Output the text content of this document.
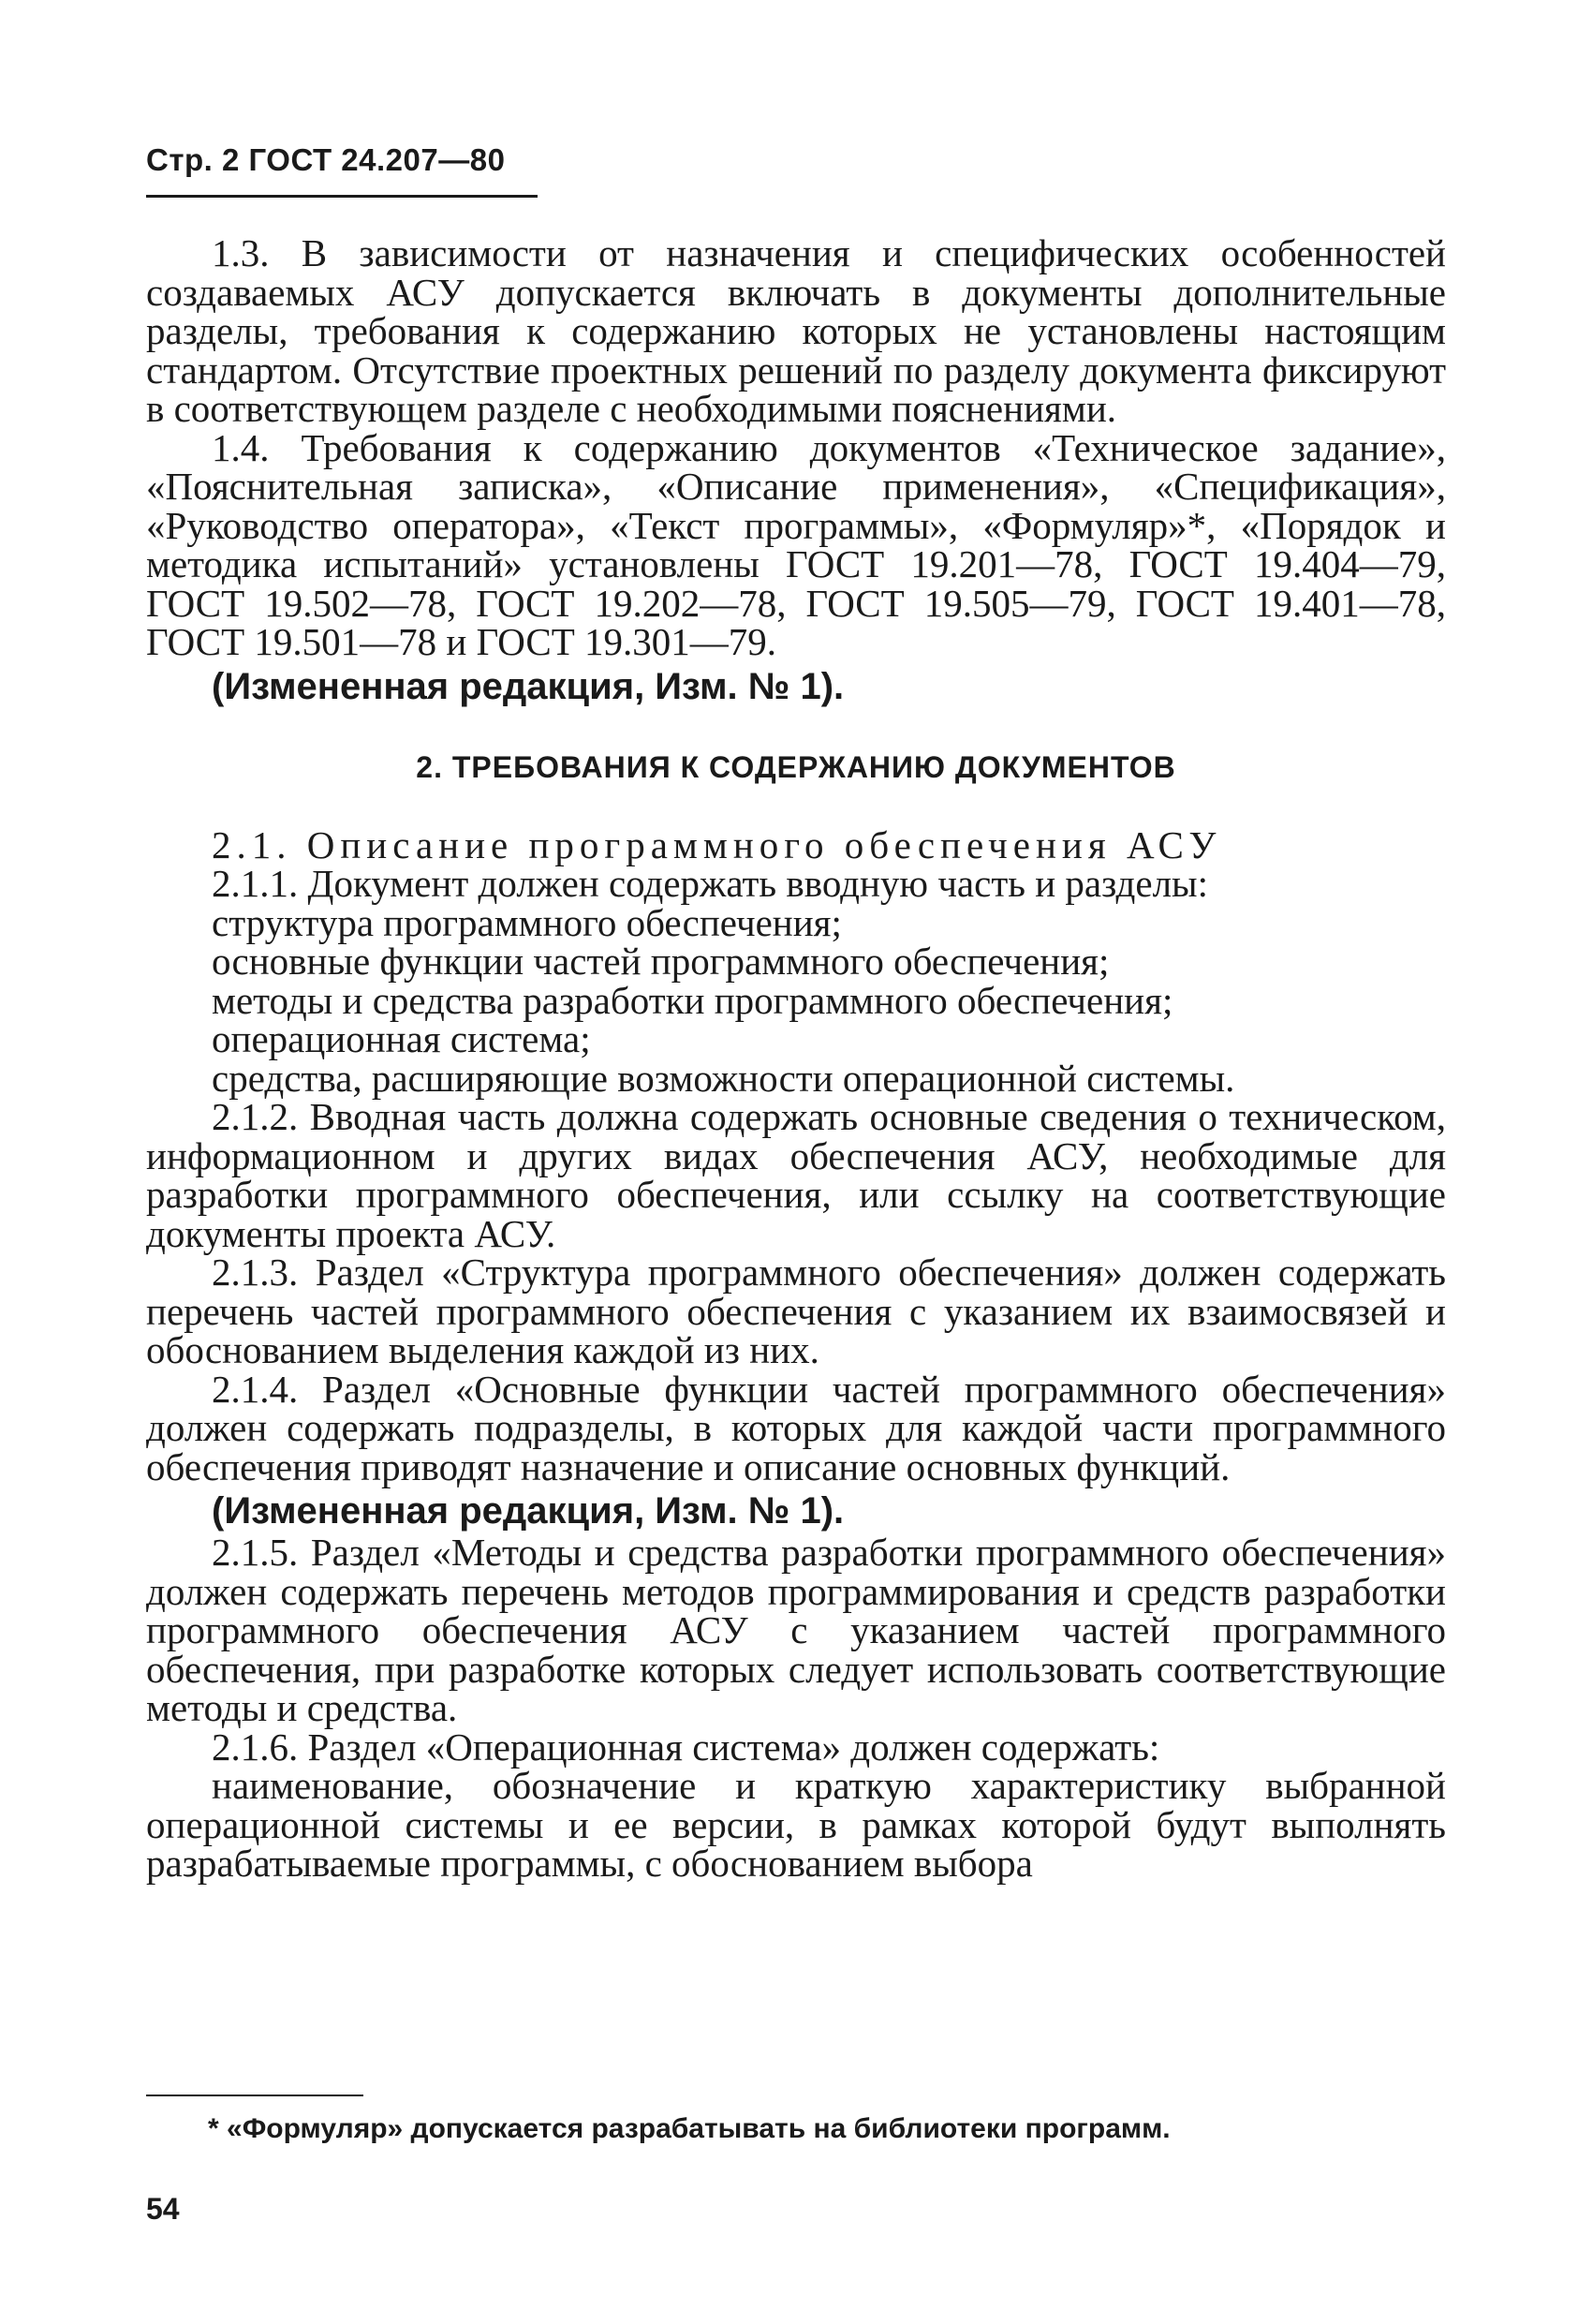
Стр. 2 ГОСТ 24.207—80

1.3. В зависимости от назначения и специфических особенностей создаваемых АСУ допускается включать в документы дополнительные разделы, требования к содержанию которых не установлены настоящим стандартом. Отсутствие проектных решений по разделу документа фиксируют в соответствующем разделе с необходимыми пояснениями.

1.4. Требования к содержанию документов «Техническое задание», «Пояснительная записка», «Описание применения», «Спецификация», «Руководство оператора», «Текст программы», «Формуляр»*, «Порядок и методика испытаний» установлены ГОСТ 19.201—78, ГОСТ 19.404—79, ГОСТ 19.502—78, ГОСТ 19.202—78, ГОСТ 19.505—79, ГОСТ 19.401—78, ГОСТ 19.501—78 и ГОСТ 19.301—79.

(Измененная редакция, Изм. № 1).

2. ТРЕБОВАНИЯ К СОДЕРЖАНИЮ ДОКУМЕНТОВ

2.1. Описание программного обеспечения АСУ

2.1.1. Документ должен содержать вводную часть и разделы:

структура программного обеспечения;

основные функции частей программного обеспечения;

методы и средства разработки программного обеспечения;

операционная система;

средства, расширяющие возможности операционной системы.

2.1.2. Вводная часть должна содержать основные сведения о техническом, информационном и других видах обеспечения АСУ, необходимые для разработки программного обеспечения, или ссылку на соответствующие документы проекта АСУ.

2.1.3. Раздел «Структура программного обеспечения» должен содержать перечень частей программного обеспечения с указанием их взаимосвязей и обоснованием выделения каждой из них.

2.1.4. Раздел «Основные функции частей программного обеспечения» должен содержать подразделы, в которых для каждой части программного обеспечения приводят назначение и описание основных функций.

(Измененная редакция, Изм. № 1).

2.1.5. Раздел «Методы и средства разработки программного обеспечения» должен содержать перечень методов программирования и средств разработки программного обеспечения АСУ с указанием частей программного обеспечения, при разработке которых следует использовать соответствующие методы и средства.

2.1.6. Раздел «Операционная система» должен содержать:

наименование, обозначение и краткую характеристику выбранной операционной системы и ее версии, в рамках которой будут выполнять разрабатываемые программы, с обоснованием выбора

* «Формуляр» допускается разрабатывать на библиотеки программ.
54
